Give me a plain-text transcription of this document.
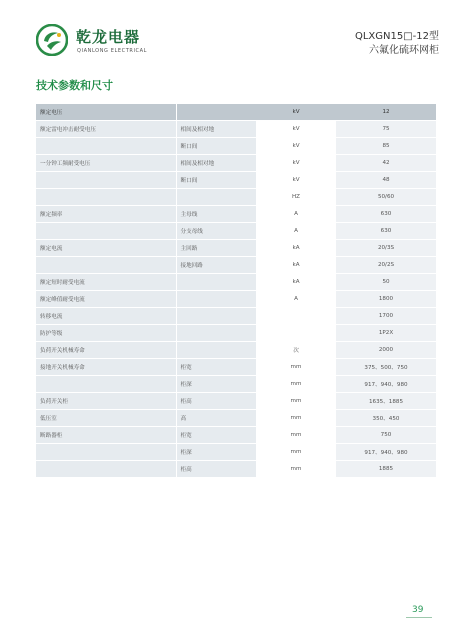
乾龙电器
QIANLONG ELECTRICAL
QLXGN15□-12型
六氟化硫环网柜
技术参数和尺寸
额定电压		kV	12
额定雷电冲击耐受电压	相间及相对地	kV	75
	断口间	kV	85
一分钟工频耐受电压	相间及相对地	kV	42
	断口间	kV	48
		HZ	50/60
额定频率	主母线	A	630
	分支母线	A	630
额定电流	主回路	kA	20/3S
	接地回路	kA	20/2S
额定短时耐受电流		kA	50
额定峰值耐受电流		A	1800
转移电流			1700
防护等级			1P2X
负荷开关机械寿命		次	2000
接地开关机械寿命	柜宽	mm	375、500、750
	柜深	mm	917、940、980
负荷开关柜	柜高	mm	1635、1885
低压室	高	mm	350、450
断路器柜	柜宽	mm	750
	柜深	mm	917、940、980
	柜高	mm	1885
39
